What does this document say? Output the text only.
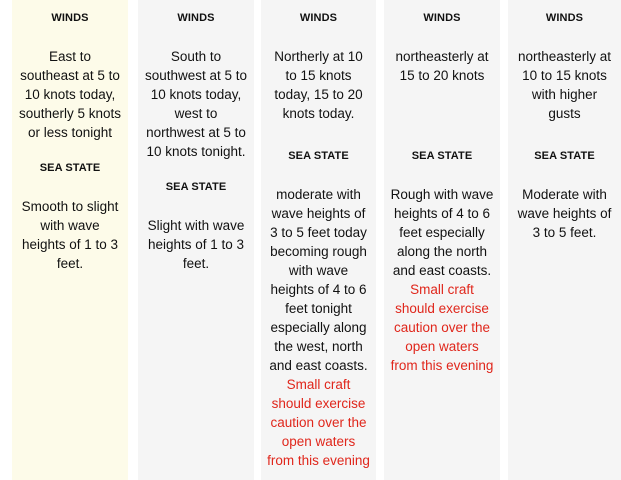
WINDS
East to southeast at 5 to 10 knots today, southerly 5 knots or less tonight
SEA STATE
Smooth to slight with wave heights of 1 to 3 feet.
WINDS
South to southwest at 5 to 10 knots today, west to northwest at 5 to 10 knots tonight.
SEA STATE
Slight with wave heights of 1 to 3 feet.
WINDS
Northerly at 10 to 15 knots today, 15 to 20 knots today.
SEA STATE
moderate with wave heights of 3 to 5 feet today becoming rough with wave heights of 4 to 6 feet tonight especially along the west, north and east coasts. Small craft should exercise caution over the open waters from this evening
WINDS
northeasterly at 15 to 20 knots
SEA STATE
Rough with wave heights of 4 to 6 feet especially along the north and east coasts. Small craft should exercise caution over the open waters from this evening
WINDS
northeasterly at 10 to 15 knots with higher gusts
SEA STATE
Moderate with wave heights of 3 to 5 feet.
